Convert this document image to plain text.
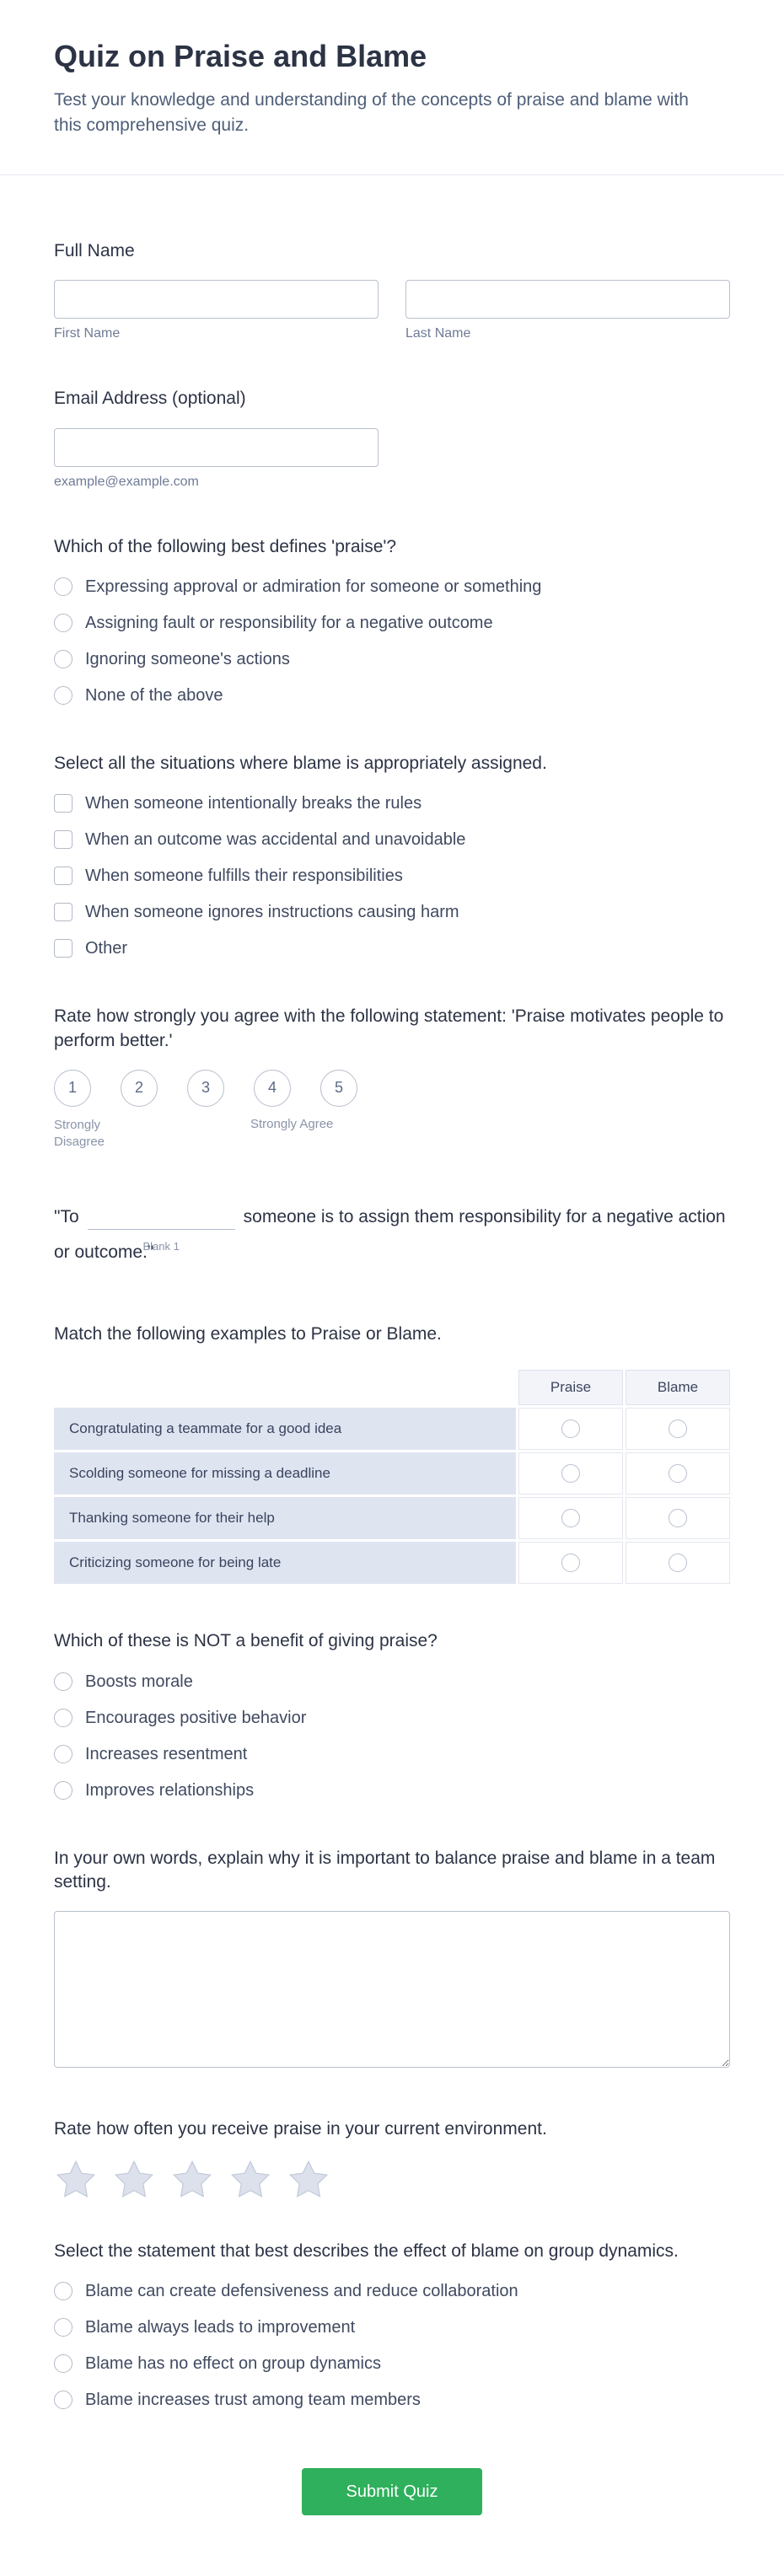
Quiz on Praise and Blame
Test your knowledge and understanding of the concepts of praise and blame with this comprehensive quiz.
Full Name
First Name	Last Name
Email Address (optional)
example@example.com
Which of the following best defines 'praise'?
Expressing approval or admiration for someone or something
Assigning fault or responsibility for a negative outcome
Ignoring someone's actions
None of the above
Select all the situations where blame is appropriately assigned.
When someone intentionally breaks the rules
When an outcome was accidental and unavoidable
When someone fulfills their responsibilities
When someone ignores instructions causing harm
Other
Rate how strongly you agree with the following statement: 'Praise motivates people to perform better.'
1	2	3	4	5
Strongly Disagree
Strongly Agree

"To
Blank 1
someone is to assign them responsibility for a negative action or outcome."

Match the following examples to Praise or Blame.
Praise	Blame
Congratulating a teammate for a good idea
Scolding someone for missing a deadline
Thanking someone for their help
Criticizing someone for being late
Which of these is NOT a benefit of giving praise?
Boosts morale
Encourages positive behavior
Increases resentment
Improves relationships
In your own words, explain why it is important to balance praise and blame in a team setting.
Rate how often you receive praise in your current environment.
Select the statement that best describes the effect of blame on group dynamics.
Blame can create defensiveness and reduce collaboration
Blame always leads to improvement
Blame has no effect on group dynamics
Blame increases trust among team members
Submit Quiz
